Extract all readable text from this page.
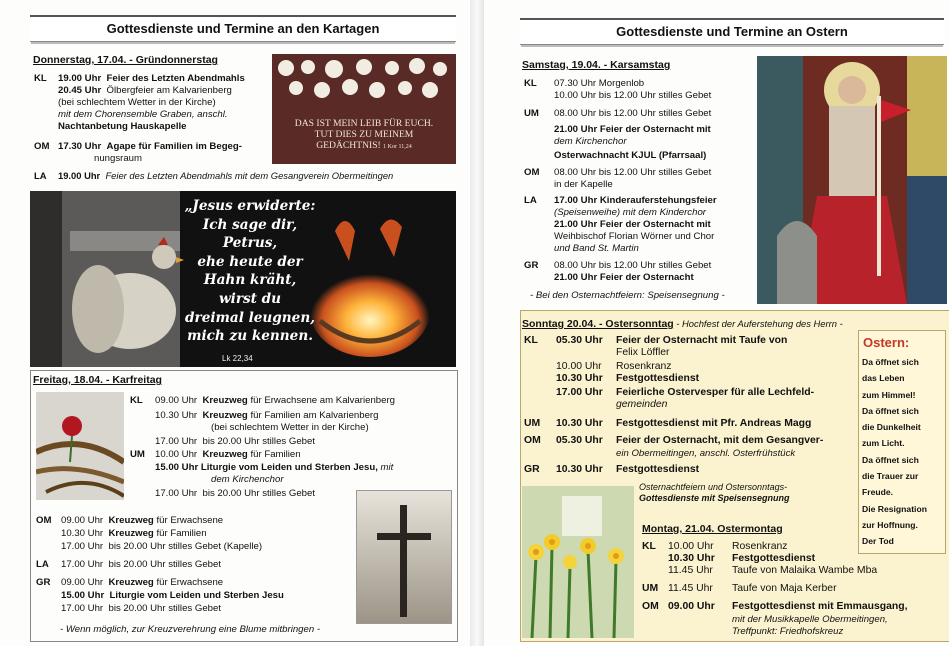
Gottesdienste und Termine an den Kartagen
Donnerstag, 17.04. - Gründonnerstag
KL 19.00 Uhr Feier des Letzten Abendmahls
20.45 Uhr Ölbergfeier am Kalvarienberg
(bei schlechtem Wetter in der Kirche)
mit dem Chorensemble Graben, anschl.
Nachtanbetung Hauskapelle
OM 17.30 Uhr Agape für Familien im Begeg-
nungsraum
LA 19.00 Uhr Feier des Letzten Abendmahls mit dem Gesangverein Obermeitingen
DAS IST MEIN LEIB FÜR EUCH.
TUT DIES ZU MEINEM
GEDÄCHTNIS! 1 Kor 11,24
„Jesus erwiderte:
Ich sage dir,
Petrus,
ehe heute der
Hahn kräht,
wirst du
dreimal leugnen,
mich zu kennen.
Lk 22,34
Freitag, 18.04. - Karfreitag
KL 09.00 Uhr Kreuzweg für Erwachsene am Kalvarienberg
10.30 Uhr Kreuzweg für Familien am Kalvarienberg
(bei schlechtem Wetter in der Kirche)
17.00 Uhr bis 20.00 Uhr stilles Gebet
UM 10.00 Uhr Kreuzweg für Familien
15.00 Uhr Liturgie vom Leiden und Sterben Jesu, mit
dem Kirchenchor
17.00 Uhr bis 20.00 Uhr stilles Gebet
OM 09.00 Uhr Kreuzweg für Erwachsene
10.30 Uhr Kreuzweg für Familien
17.00 Uhr bis 20.00 Uhr stilles Gebet (Kapelle)
LA 17.00 Uhr bis 20.00 Uhr stilles Gebet
GR 09.00 Uhr Kreuzweg für Erwachsene
15.00 Uhr Liturgie vom Leiden und Sterben Jesu
17.00 Uhr bis 20.00 Uhr stilles Gebet
- Wenn möglich, zur Kreuzverehrung eine Blume mitbringen -
Gottesdienste und Termine an Ostern
Samstag, 19.04. - Karsamstag
KL 07.30 Uhr Morgenlob
10.00 Uhr bis 12.00 Uhr stilles Gebet
UM 08.00 Uhr bis 12.00 Uhr stilles Gebet
21.00 Uhr Feier der Osternacht mit
dem Kirchenchor
Osterwachnacht KJUL (Pfarrsaal)
OM 08.00 Uhr bis 12.00 Uhr stilles Gebet
in der Kapelle
LA 17.00 Uhr Kinderauferstehungsfeier
(Speisenweihe) mit dem Kinderchor
21.00 Uhr Feier der Osternacht mit
Weihbischof Florian Wörner und Chor
und Band St. Martin
GR 08.00 Uhr bis 12.00 Uhr stilles Gebet
21.00 Uhr Feier der Osternacht
- Bei den Osternachtfeiern: Speisensegnung -
Sonntag 20.04. - Ostersonntag - Hochfest der Auferstehung des Herrn -
KL 05.30 Uhr Feier der Osternacht mit Taufe von
Felix Löffler
10.00 Uhr Rosenkranz
10.30 Uhr Festgottesdienst
17.00 Uhr Feierliche Ostervesper für alle Lechfeld-
gemeinden
UM 10.30 Uhr Festgottesdienst mit Pfr. Andreas Magg
OM 05.30 Uhr Feier der Osternacht, mit dem Gesangver-
ein Obermeitingen, anschl. Osterfrühstück
GR 10.30 Uhr Festgottesdienst
Osternachtfeiern und Ostersonntags-
Gottesdienste mit Speisensegnung
Ostern:
Da öffnet sich
das Leben
zum Himmel!
Da öffnet sich
die Dunkelheit
zum Licht.
Da öffnet sich
die Trauer zur
Freude.
Die Resignation
zur Hoffnung.
Der Tod
Montag, 21.04. Ostermontag
KL 10.00 Uhr Rosenkranz
10.30 Uhr Festgottesdienst
11.45 Uhr Taufe von Malaika Wambe Mba
UM 11.45 Uhr Taufe von Maja Kerber
OM 09.00 Uhr Festgottesdienst mit Emmausgang,
mit der Musikkapelle Obermeitingen,
Treffpunkt: Friedhofskreuz
